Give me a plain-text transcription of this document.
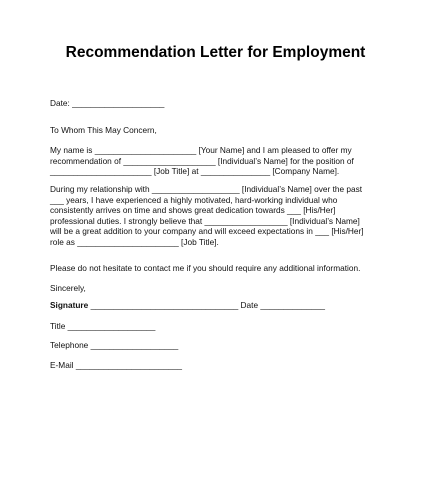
Recommendation Letter for Employment
Date: ____________________
To Whom This May Concern,
My name is ______________________ [Your Name] and I am pleased to offer my
recommendation of ____________________ [Individual’s Name] for the position of
______________________ [Job Title] at _______________ [Company Name].
During my relationship with ___________________ [Individual’s Name] over the past
___ years, I have experienced a highly motivated, hard-working individual who
consistently arrives on time and shows great dedication towards ___ [His/Her]
professional duties. I strongly believe that __________________ [Individual’s Name]
will be a great addition to your company and will exceed expectations in ___ [His/Her]
role as ______________________ [Job Title].
Please do not hesitate to contact me if you should require any additional information.
Sincerely,
Signature ________________________________ Date ______________
Title ___________________
Telephone ___________________
E-Mail _______________________
